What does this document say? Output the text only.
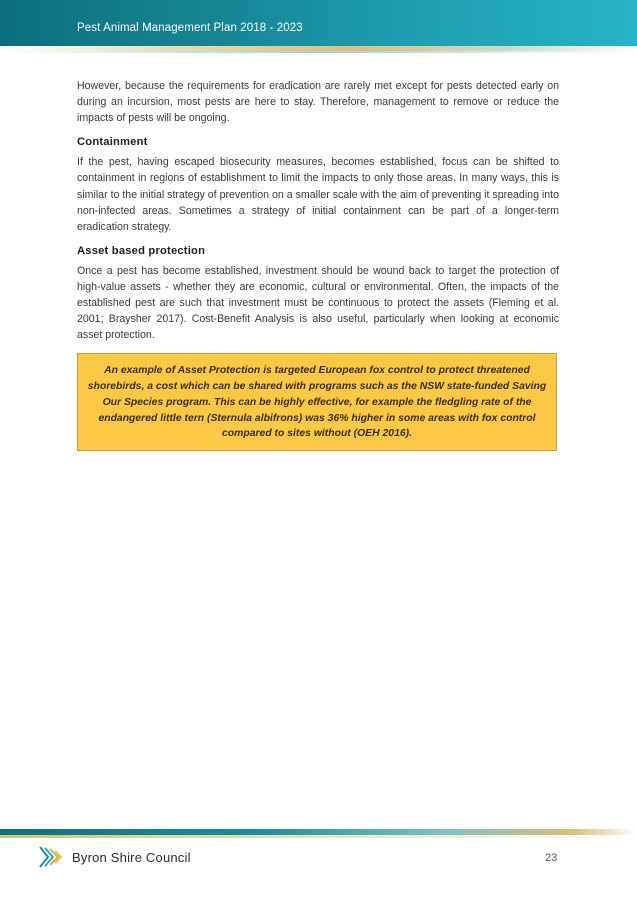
Pest Animal Management Plan 2018 - 2023

However, because the requirements for eradication are rarely met except for pests detected early on during an incursion, most pests are here to stay. Therefore, management to remove or reduce the impacts of pests will be ongoing.

Containment

If the pest, having escaped biosecurity measures, becomes established, focus can be shifted to containment in regions of establishment to limit the impacts to only those areas. In many ways, this is similar to the initial strategy of prevention on a smaller scale with the aim of preventing it spreading into non-infected areas. Sometimes a strategy of initial containment can be part of a longer-term eradication strategy.

Asset based protection

Once a pest has become established, investment should be wound back to target the protection of high-value assets - whether they are economic, cultural or environmental. Often, the impacts of the established pest are such that investment must be continuous to protect the assets (Fleming et al. 2001; Braysher 2017). Cost-Benefit Analysis is also useful, particularly when looking at economic asset protection.

An example of Asset Protection is targeted European fox control to protect threatened shorebirds, a cost which can be shared with programs such as the NSW state-funded Saving Our Species program. This can be highly effective, for example the fledgling rate of the endangered little tern (Sternula albifrons) was 36% higher in some areas with fox control compared to sites without (OEH 2016).
Byron Shire Council	23
